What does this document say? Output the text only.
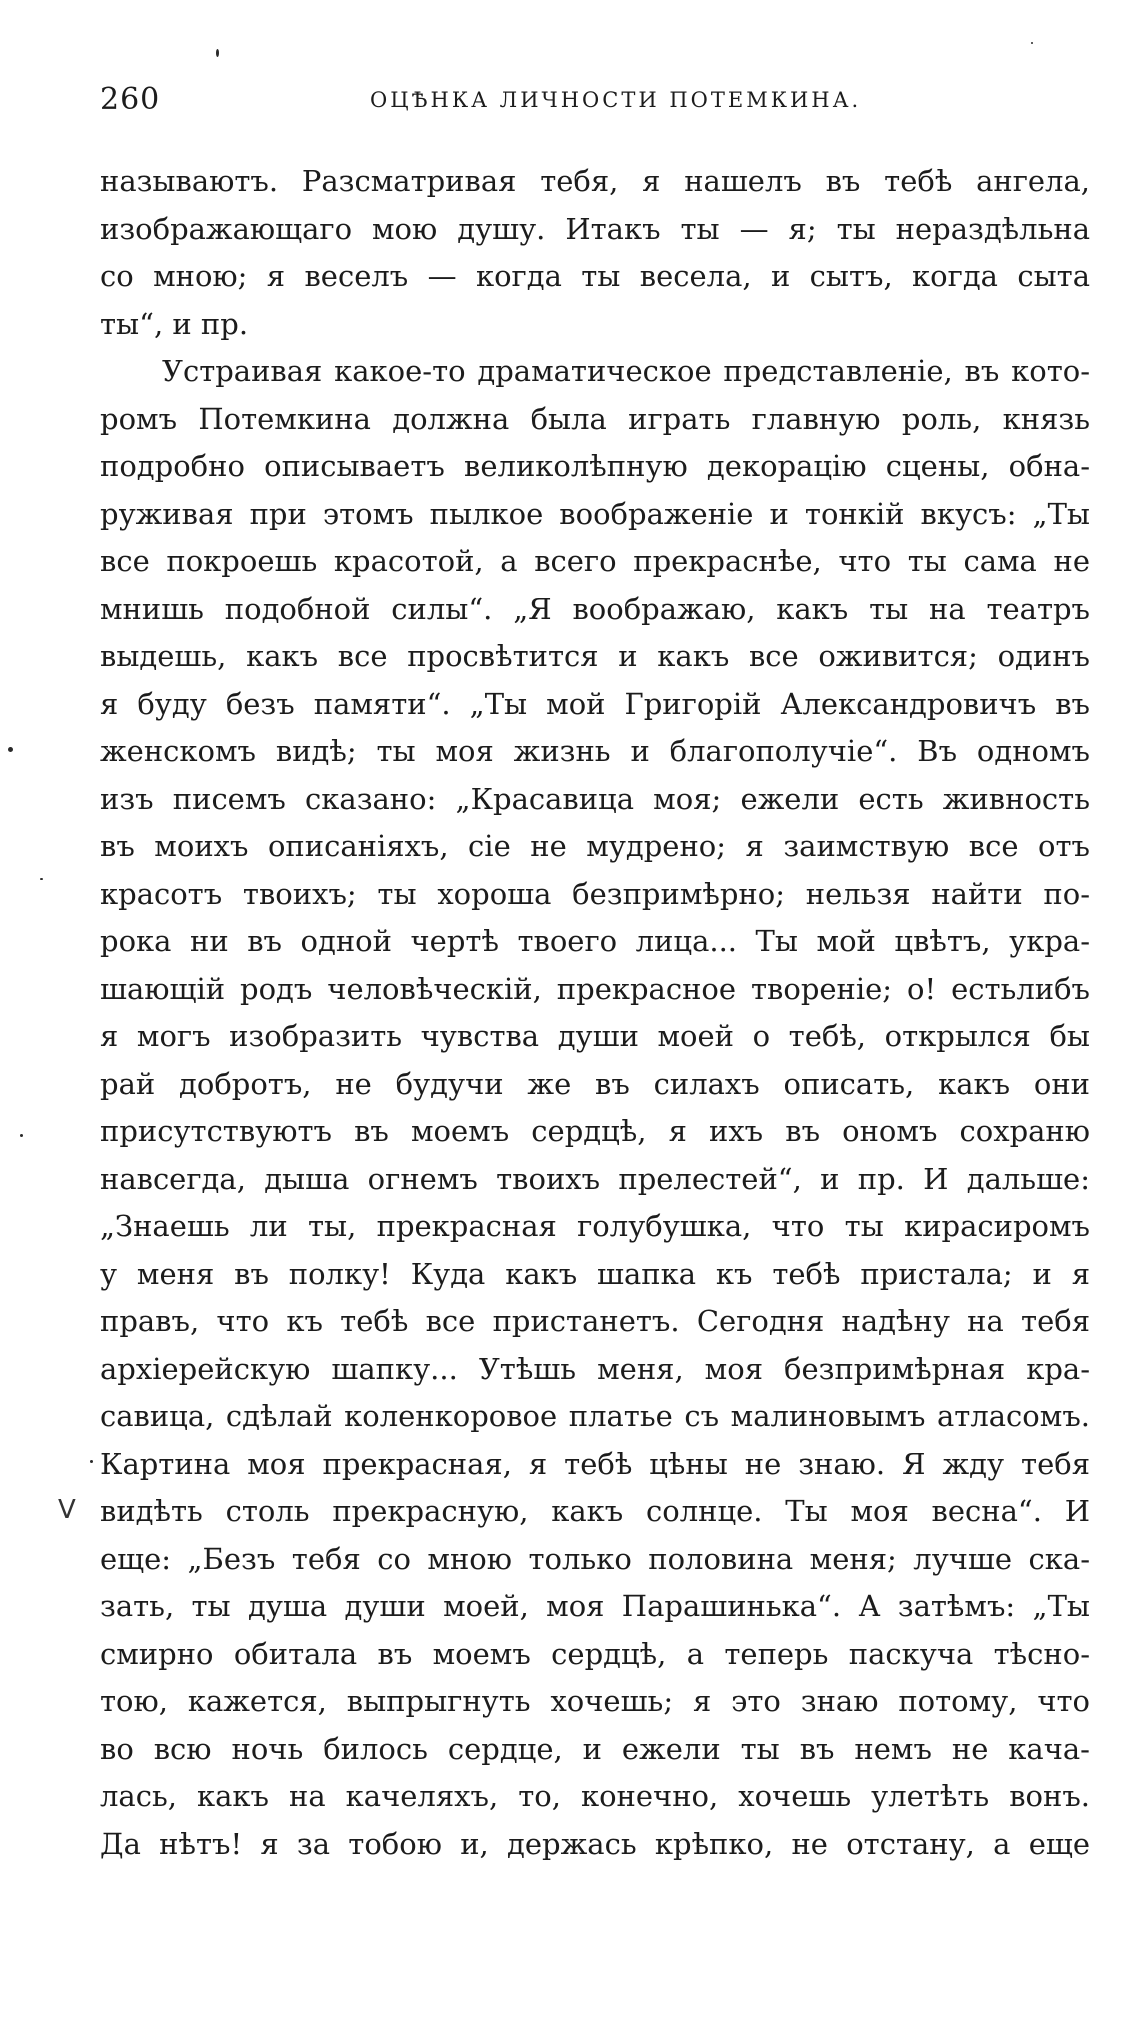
260	ОЦѢНКА ЛИЧНОСТИ ПОТЕМКИНА.
V
называютъ. Разсматривая тебя, я нашелъ въ тебѣ ангела,
изображающаго мою душу. Итакъ ты — я; ты нераздѣльна
со мною; я веселъ — когда ты весела, и сытъ, когда сыта
ты“, и пр.
Устраивая какое-то драматическое представленіе, въ кото-
ромъ Потемкина должна была играть главную роль, князь
подробно описываетъ великолѣпную декорацію сцены, обна-
руживая при этомъ пылкое воображеніе и тонкій вкусъ: „Ты
все покроешь красотой, а всего прекраснѣе, что ты сама не
мнишь подобной силы“. „Я воображаю, какъ ты на театръ
выдешь, какъ все просвѣтится и какъ все оживится; одинъ
я буду безъ памяти“. „Ты мой Григорій Александровичъ въ
женскомъ видѣ; ты моя жизнь и благополучіе“. Въ одномъ
изъ писемъ сказано: „Красавица моя; ежели есть живность
въ моихъ описаніяхъ, сіе не мудрено; я заимствую все отъ
красотъ твоихъ; ты хороша безпримѣрно; нельзя найти по-
рока ни въ одной чертѣ твоего лица... Ты мой цвѣтъ, укра-
шающій родъ человѣческій, прекрасное твореніе; о! естьлибъ
я могъ изобразить чувства души моей о тебѣ, открылся бы
рай добротъ, не будучи же въ силахъ описать, какъ они
присутствуютъ въ моемъ сердцѣ, я ихъ въ ономъ сохраню
навсегда, дыша огнемъ твоихъ прелестей“, и пр. И дальше:
„Знаешь ли ты, прекрасная голубушка, что ты кирасиромъ
у меня въ полку! Куда какъ шапка къ тебѣ пристала; и я
правъ, что къ тебѣ все пристанетъ. Сегодня надѣну на тебя
архіерейскую шапку... Утѣшь меня, моя безпримѣрная кра-
савица, сдѣлай коленкоровое платье съ малиновымъ атласомъ.
Картина моя прекрасная, я тебѣ цѣны не знаю. Я жду тебя
видѣть столь прекрасную, какъ солнце. Ты моя весна“. И
еще: „Безъ тебя со мною только половина меня; лучше ска-
зать, ты душа души моей, моя Парашинька“. А затѣмъ: „Ты
смирно обитала въ моемъ сердцѣ, а теперь паскуча тѣсно-
тою, кажется, выпрыгнуть хочешь; я это знаю потому, что
во всю ночь билось сердце, и ежели ты въ немъ не кача-
лась, какъ на качеляхъ, то, конечно, хочешь улетѣть вонъ.
Да нѣтъ! я за тобою и, держась крѣпко, не отстану, а еще
